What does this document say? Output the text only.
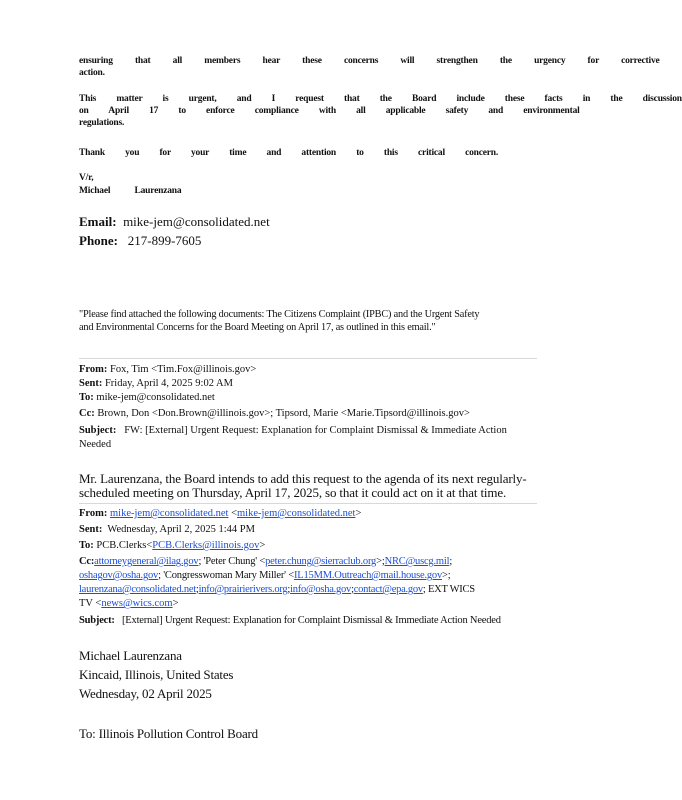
ensuring that all members hear these concerns will strengthen the urgency for corrective
action.
This matter is urgent, and I request that the Board include these facts in the discussion
on April 17 to enforce compliance with all applicable safety and environmental
regulations.
Thank you for your time and attention to this critical concern.
V/r,
Michael Laurenzana
Email: mike-jem@consolidated.net
Phone: 217-899-7605
"Please find attached the following documents: The Citizens Complaint (IPBC) and the Urgent Safety
and Environmental Concerns for the Board Meeting on April 17, as outlined in this email."
From: Fox, Tim <Tim.Fox@illinois.gov>
Sent: Friday, April 4, 2025 9:02 AM
To: mike-jem@consolidated.net
Cc: Brown, Don <Don.Brown@illinois.gov>; Tipsord, Marie <Marie.Tipsord@illinois.gov>
Subject: FW: [External] Urgent Request: Explanation for Complaint Dismissal & Immediate Action
Needed
Mr. Laurenzana, the Board intends to add this request to the agenda of its next regularly-
scheduled meeting on Thursday, April 17, 2025, so that it could act on it at that time.
From: mike-jem@consolidated.net <mike-jem@consolidated.net>
Sent: Wednesday, April 2, 2025 1:44 PM
To: PCB.Clerks<PCB.Clerks@illinois.gov>
Cc:attorneygeneral@ilag.gov; 'Peter Chung' <peter.chung@sierraclub.org>;NRC@uscg.mil;
oshagov@osha.gov; 'Congresswoman Mary Miller' <IL15MM.Outreach@mail.house.gov>;
laurenzana@consolidated.net;info@prairierivers.org;info@osha.gov;contact@epa.gov; EXT WICS
TV <news@wics.com>
Subject: [External] Urgent Request: Explanation for Complaint Dismissal & Immediate Action Needed
Michael Laurenzana
Kincaid, Illinois, United States
Wednesday, 02 April 2025
To: Illinois Pollution Control Board
